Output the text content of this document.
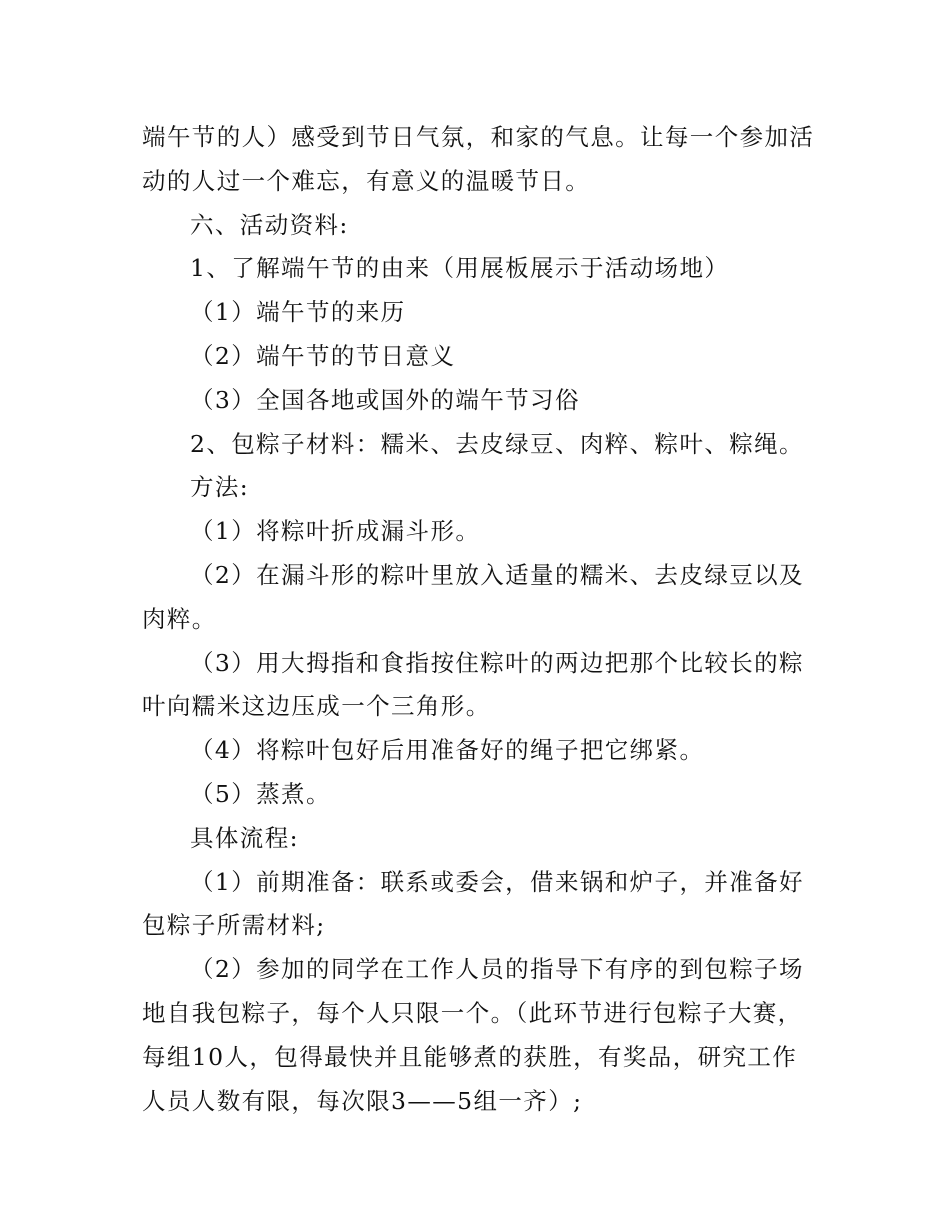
端午节的人）感受到节日气氛，和家的气息。让每一个参加活
动的人过一个难忘，有意义的温暖节日。
六、活动资料:
1、了解端午节的由来（用展板展示于活动场地）
（1）端午节的来历
（2）端午节的节日意义
（3）全国各地或国外的端午节习俗
2、包粽子材料：糯米、去皮绿豆、肉粹、粽叶、粽绳。
方法:
（1）将粽叶折成漏斗形。
（2）在漏斗形的粽叶里放入适量的糯米、去皮绿豆以及
肉粹。
（3）用大拇指和食指按住粽叶的两边把那个比较长的粽
叶向糯米这边压成一个三角形。
（4）将粽叶包好后用准备好的绳子把它绑紧。
（5）蒸煮。
具体流程:
（1）前期准备：联系或委会，借来锅和炉子，并准备好
包粽子所需材料;
（2）参加的同学在工作人员的指导下有序的到包粽子场
地自我包粽子，每个人只限一个。（此环节进行包粽子大赛，
每组10人，包得最快并且能够煮的获胜，有奖品，研究工作
人员人数有限，每次限3——5组一齐）;
